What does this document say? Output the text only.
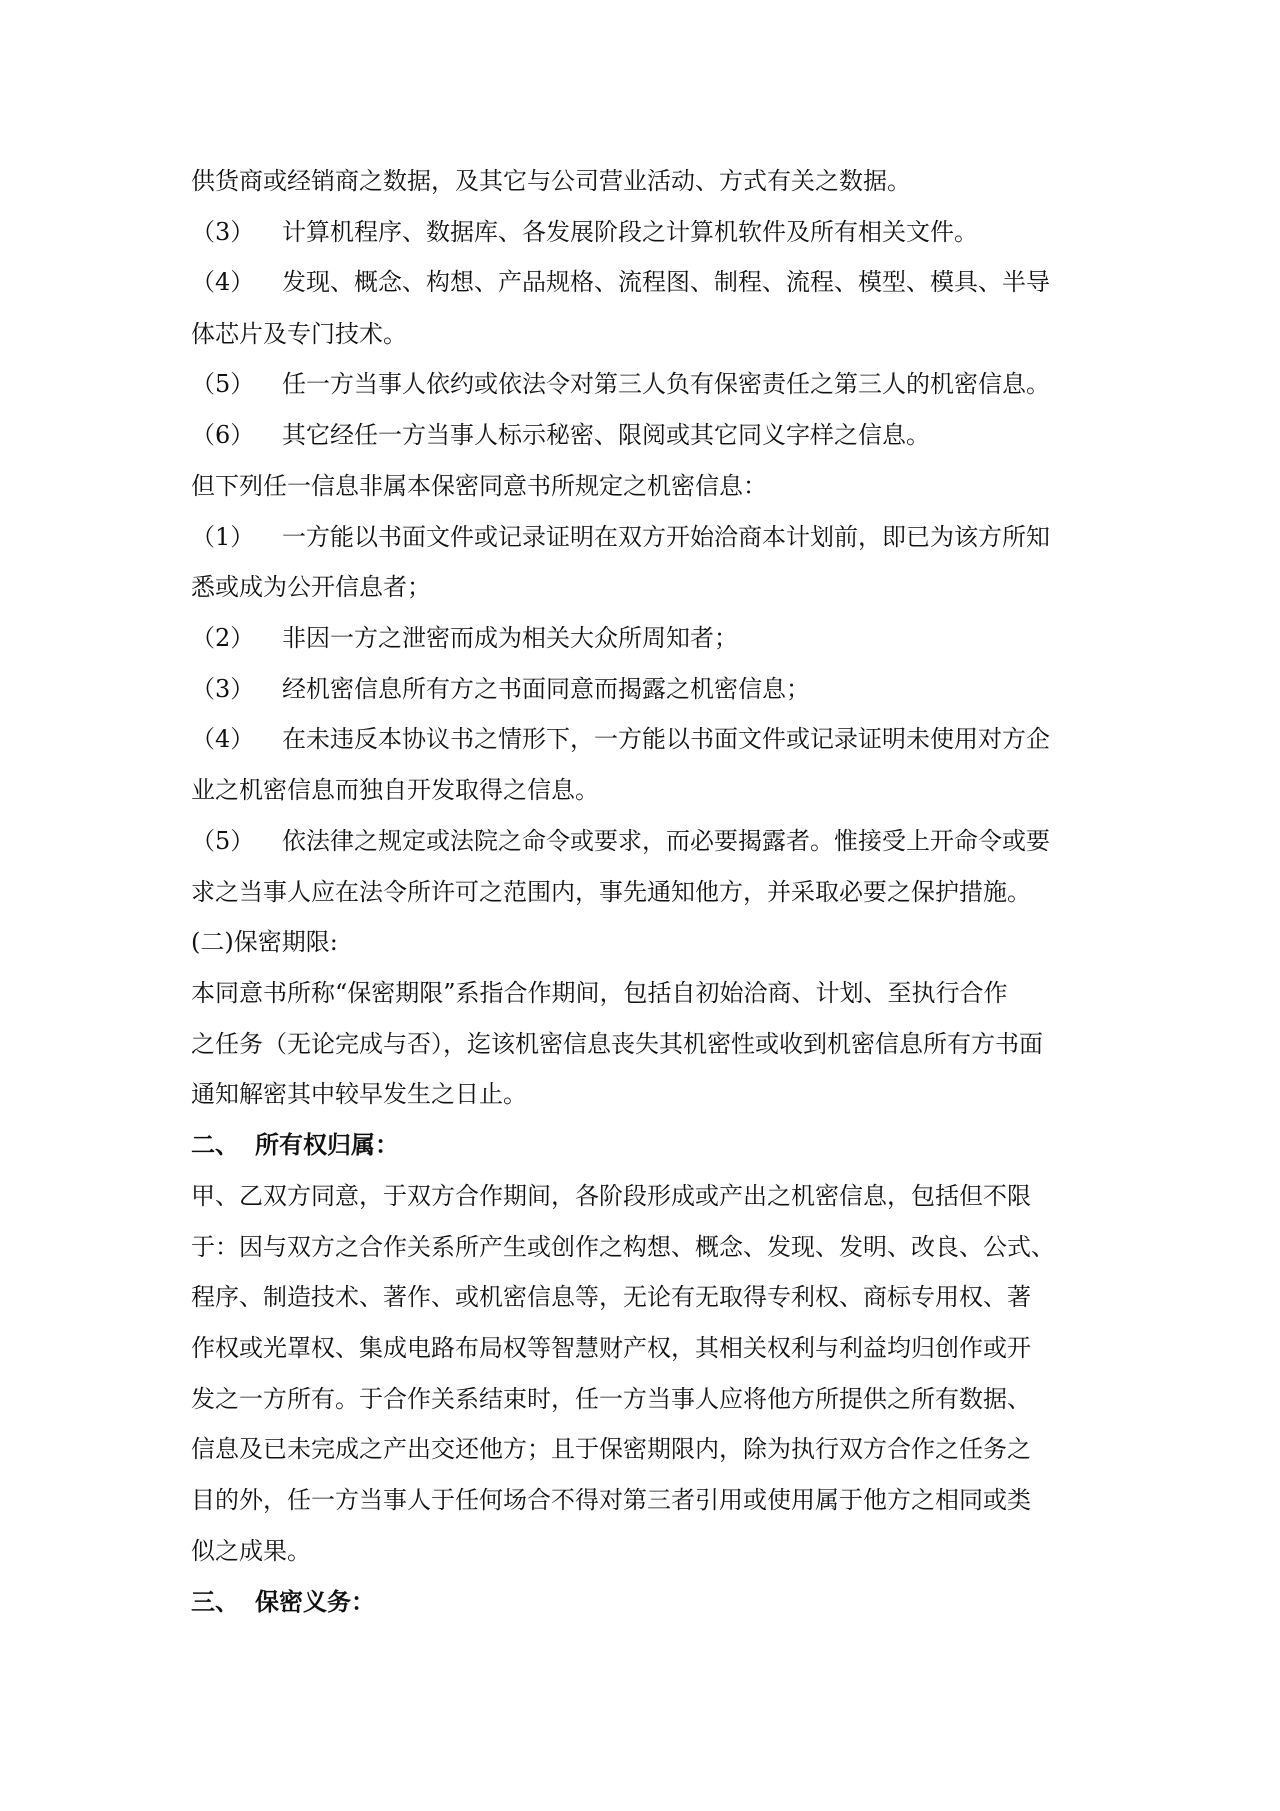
供货商或经销商之数据，及其它与公司营业活动、方式有关之数据。
（3） 计算机程序、数据库、各发展阶段之计算机软件及所有相关文件。
（4） 发现、概念、构想、产品规格、流程图、制程、流程、模型、模具、半导
体芯片及专门技术。
（5） 任一方当事人依约或依法令对第三人负有保密责任之第三人的机密信息。
（6） 其它经任一方当事人标示秘密、限阅或其它同义字样之信息。
但下列任一信息非属本保密同意书所规定之机密信息：
（1） 一方能以书面文件或记录证明在双方开始洽商本计划前，即已为该方所知
悉或成为公开信息者；
（2） 非因一方之泄密而成为相关大众所周知者；
（3） 经机密信息所有方之书面同意而揭露之机密信息；
（4） 在未违反本协议书之情形下，一方能以书面文件或记录证明未使用对方企
业之机密信息而独自开发取得之信息。
（5） 依法律之规定或法院之命令或要求，而必要揭露者。惟接受上开命令或要
求之当事人应在法令所许可之范围内，事先通知他方，并采取必要之保护措施。
(二)保密期限:
本同意书所称“保密期限”系指合作期间，包括自初始洽商、计划、至执行合作
之任务（无论完成与否），迄该机密信息丧失其机密性或收到机密信息所有方书面
通知解密其中较早发生之日止。
二、 所有权归属：
甲、乙双方同意，于双方合作期间，各阶段形成或产出之机密信息，包括但不限
于：因与双方之合作关系所产生或创作之构想、概念、发现、发明、改良、公式、
程序、制造技术、著作、或机密信息等，无论有无取得专利权、商标专用权、著
作权或光罩权、集成电路布局权等智慧财产权，其相关权利与利益均归创作或开
发之一方所有。于合作关系结束时，任一方当事人应将他方所提供之所有数据、
信息及已未完成之产出交还他方；且于保密期限内，除为执行双方合作之任务之
目的外，任一方当事人于任何场合不得对第三者引用或使用属于他方之相同或类
似之成果。
三、 保密义务：
